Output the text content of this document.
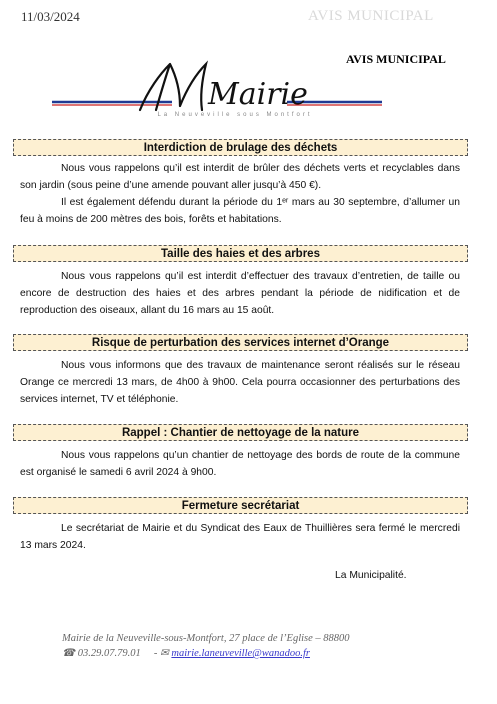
11/03/2024	AVIS MUNICIPAL
AVIS MUNICIPAL
Mairie
La Neuveville sous Montfort
Interdiction de brulage des déchets

Nous vous rappelons qu’il est interdit de brûler des déchets verts et recyclables dans son jardin (sous peine d’une amende pouvant aller jusqu’à 450 €).

Il est également défendu durant la période du 1ᵉʳ mars au 30 septembre, d’allumer un feu à moins de 200 mètres des bois, forêts et habitations.

Taille des haies et des arbres

Nous vous rappelons qu’il est interdit d’effectuer des travaux d’entretien, de taille ou encore de destruction des haies et des arbres pendant la période de nidification et de reproduction des oiseaux, allant du 16 mars au 15 août.

Risque de perturbation des services internet d’Orange

Nous vous informons que des travaux de maintenance seront réalisés sur le réseau Orange ce mercredi 13 mars, de 4h00 à 9h00. Cela pourra occasionner des perturbations des services internet, TV et téléphonie.

Rappel : Chantier de nettoyage de la nature

Nous vous rappelons qu’un chantier de nettoyage des bords de route de la commune est organisé le samedi 6 avril 2024 à 9h00.

Fermeture secrétariat

Le secrétariat de Mairie et du Syndicat des Eaux de Thuillières sera fermé le mercredi 13 mars 2024.

La Municipalité.
Mairie de la Neuveville-sous-Montfort, 27 place de l’Eglise – 88800
☎ 03.29.07.79.01 - ✉ mairie.laneuveville@wanadoo.fr
